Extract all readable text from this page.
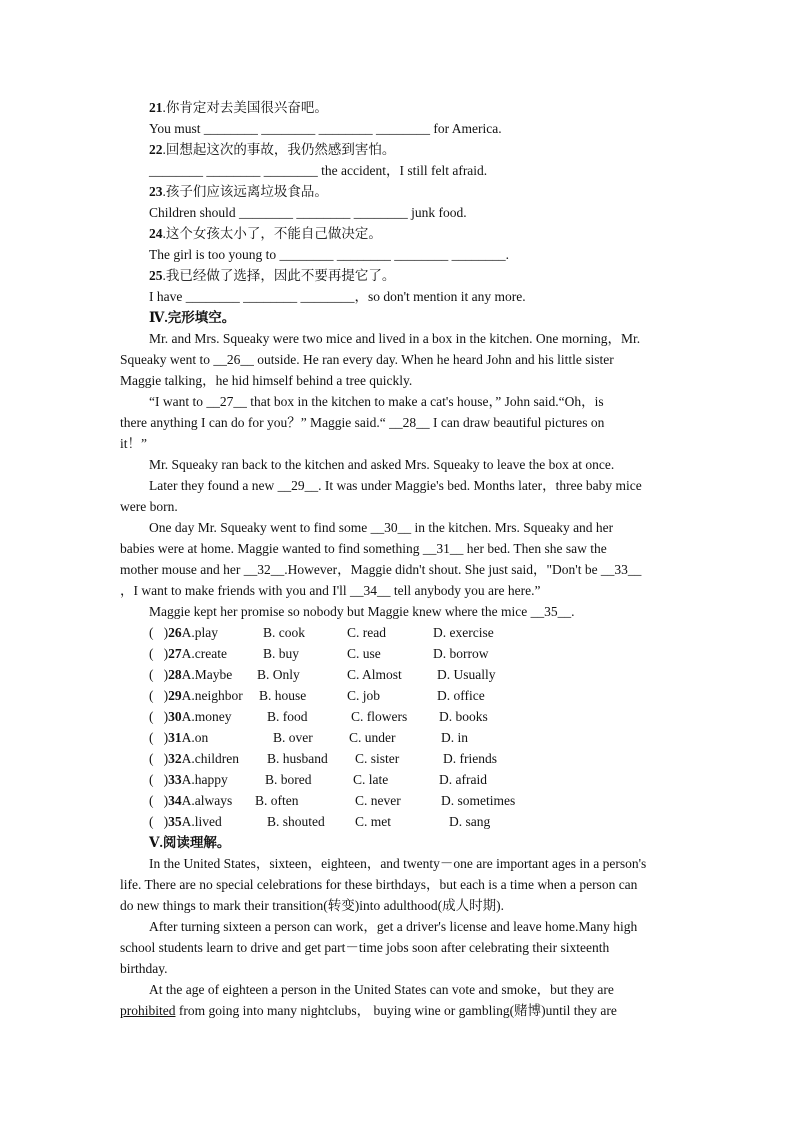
21.你肯定对去美国很兴奋吧。
You must ________ ________ ________ ________ for America.
22.回想起这次的事故，我仍然感到害怕。
________ ________ ________ the accident，I still felt afraid.
23.孩子们应该远离垃圾食品。
Children should ________ ________ ________ junk food.
24.这个女孩太小了，不能自己做决定。
The girl is too young to ________ ________ ________ ________.
25.我已经做了选择，因此不要再提它了。
I have ________ ________ ________，so don't mention it any more.
Ⅳ.完形填空。
Mr. and Mrs. Squeaky were two mice and lived in a box in the kitchen. One morning，Mr.
Squeaky went to __26__ outside. He ran every day. When he heard John and his little sister
Maggie talking，he hid himself behind a tree quickly.
“I want to __27__ that box in the kitchen to make a cat's house，” John said.“Oh，is
there anything I can do for you？” Maggie said.“ __28__ I can draw beautiful pictures on
it！”
Mr. Squeaky ran back to the kitchen and asked Mrs. Squeaky to leave the box at once.
Later they found a new __29__. It was under Maggie's bed. Months later，three baby mice
were born.
One day Mr. Squeaky went to find some __30__ in the kitchen. Mrs. Squeaky and her
babies were at home. Maggie wanted to find something __31__ her bed. Then she saw the
mother mouse and her __32__.However，Maggie didn't shout. She just said，"Don't be __33__
，I want to make friends with you and I'll __34__ tell anybody you are here.”
Maggie kept her promise so nobody but Maggie knew where the mice __35__.
(   )26A.play	B. cook	C. read	D. exercise
(   )27A.create	B. buy	C. use	D. borrow
(   )28A.Maybe B. Only	C. Almost	D. Usually
(   )29A.neighbor B. house	C. job	D. office
(   )30A.money	B. food	C. flowers D. books
(   )31A.on	B. over	C. under	D. in
(   )32A.children B. husband C. sister	D. friends
(   )33A.happy	B. bored	C. late	D. afraid
(   )34A.always B. often	C. never	D. sometimes
(   )35A.lived	B. shouted C. met	D. sang
Ⅴ.阅读理解。
In the United States，sixteen，eighteen，and twenty－one are important ages in a person's
life. There are no special celebrations for these birthdays，but each is a time when a person can
do new things to mark their transition(转变)into adulthood(成人时期).
After turning sixteen a person can work，get a driver's license and leave home.Many high
school students learn to drive and get part－time jobs soon after celebrating their sixteenth
birthday.
At the age of eighteen a person in the United States can vote and smoke，but they are
prohibited from going into many nightclubs， buying wine or gambling(赌博)until they are
